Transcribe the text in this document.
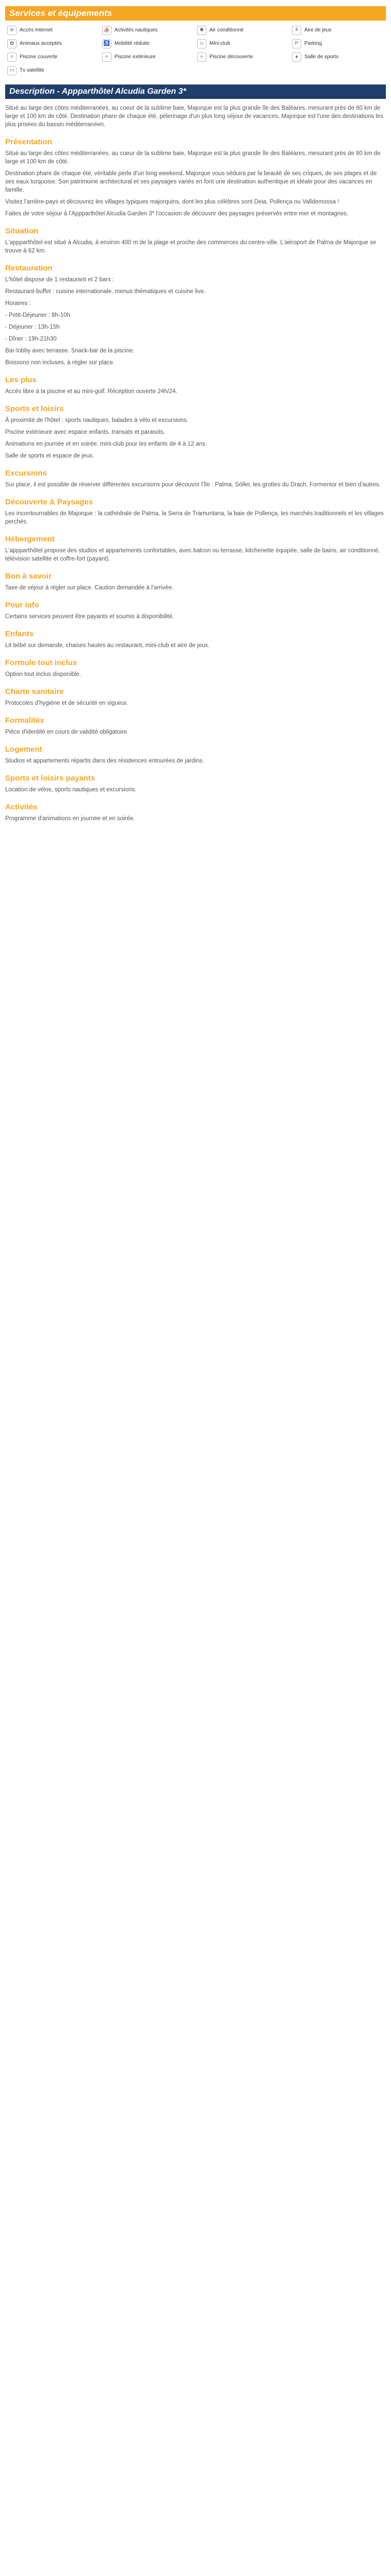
Services et équipements
≋	Accès Internet	⛵ Activités nautiques	✱	Air conditionné	⚘	Aire de jeux
✿	Animaux acceptés	♿ Mobilité réduite	☺ Mini-club	P	Parking
≈	Piscine couverte	≈	Piscine extérieure	≈	Piscine découverte	♦	Salle de sports
▭	Tv satellite
Description - Appparthôtel Alcudia Garden 3*

Situé au large des côtes méditerranées, au coeur de la sublime baie, Majorque est la plus grande île des Baléares, mesurant près de 80 km de large et 100 km de côté. Destination phare de chaque été, pèlerinage d'un plus long séjour de vacances, Majorque est l'une des destinations les plus prisées du bassin méditerranéen.

Présentation

Situé au large des côtes méditerranées, au coeur de la sublime baie, Majorque est la plus grande île des Baléares, mesurant près de 80 km de large et 100 km de côté.

Destination phare de chaque été, véritable perle d'un long weekend, Majorque vous séduira par la beauté de ses criques, de ses plages et de ses eaux turquoise. Son patrimoine architectural et ses paysages variés en font une destination authentique et idéale pour des vacances en famille.

Visitez l'arrière-pays et découvrez les villages typiques majorquins, dont les plus célèbres sont Deia, Pollença ou Valldemossa !

Faites de votre séjour à l'Appparthôtel Alcudia Garden 3* l'occasion de découvrir des paysages préservés entre mer et montagnes.

Situation

L'appparthôtel est situé à Alcudia, à environ 400 m de la plage et proche des commerces du centre-ville. L'aéroport de Palma de Majorque se trouve à 62 km.

Restauration

L'hôtel dispose de 1 restaurant et 2 bars :

Restaurant-buffet : cuisine internationale, menus thématiques et cuisine live.

Horaires :

- Petit-Déjeuner : 8h-10h

- Déjeuner : 13h-15h

- Dîner : 19h-21h30

Bar-lobby avec terrasse. Snack-bar de la piscine.

Boissons non incluses, à régler sur place.

Les plus

Accès libre à la piscine et au mini-golf. Réception ouverte 24h/24.

Sports et loisirs

À proximité de l'hôtel : sports nautiques, balades à vélo et excursions.

Piscine extérieure avec espace enfants, transats et parasols.

Animations en journée et en soirée, mini-club pour les enfants de 4 à 12 ans.

Salle de sports et espace de jeux.

Excursions

Sur place, il est possible de réserver différentes excursions pour découvrir l'île : Palma, Sóller, les grottes du Drach, Formentor et bien d'autres.

Découverte & Paysages

Les incontournables de Majorque : la cathédrale de Palma, la Serra de Tramuntana, la baie de Pollença, les marchés traditionnels et les villages perchés.

Hébergement

L'appparthôtel propose des studios et appartements confortables, avec balcon ou terrasse, kitchenette équipée, salle de bains, air conditionné, télévision satellite et coffre-fort (payant).

Bon à savoir

Taxe de séjour à régler sur place. Caution demandée à l'arrivée.

Pour info

Certains services peuvent être payants et soumis à disponibilité.

Enfants

Lit bébé sur demande, chaises hautes au restaurant, mini-club et aire de jeux.

Formule tout inclus

Option tout inclus disponible.

Charte sanitaire

Protocoles d'hygiène et de sécurité en vigueur.

Formalités

Pièce d'identité en cours de validité obligatoire.

Logement

Studios et appartements répartis dans des résidences entourées de jardins.

Sports et loisirs payants

Location de vélos, sports nautiques et excursions.

Activités

Programme d'animations en journée et en soirée.
